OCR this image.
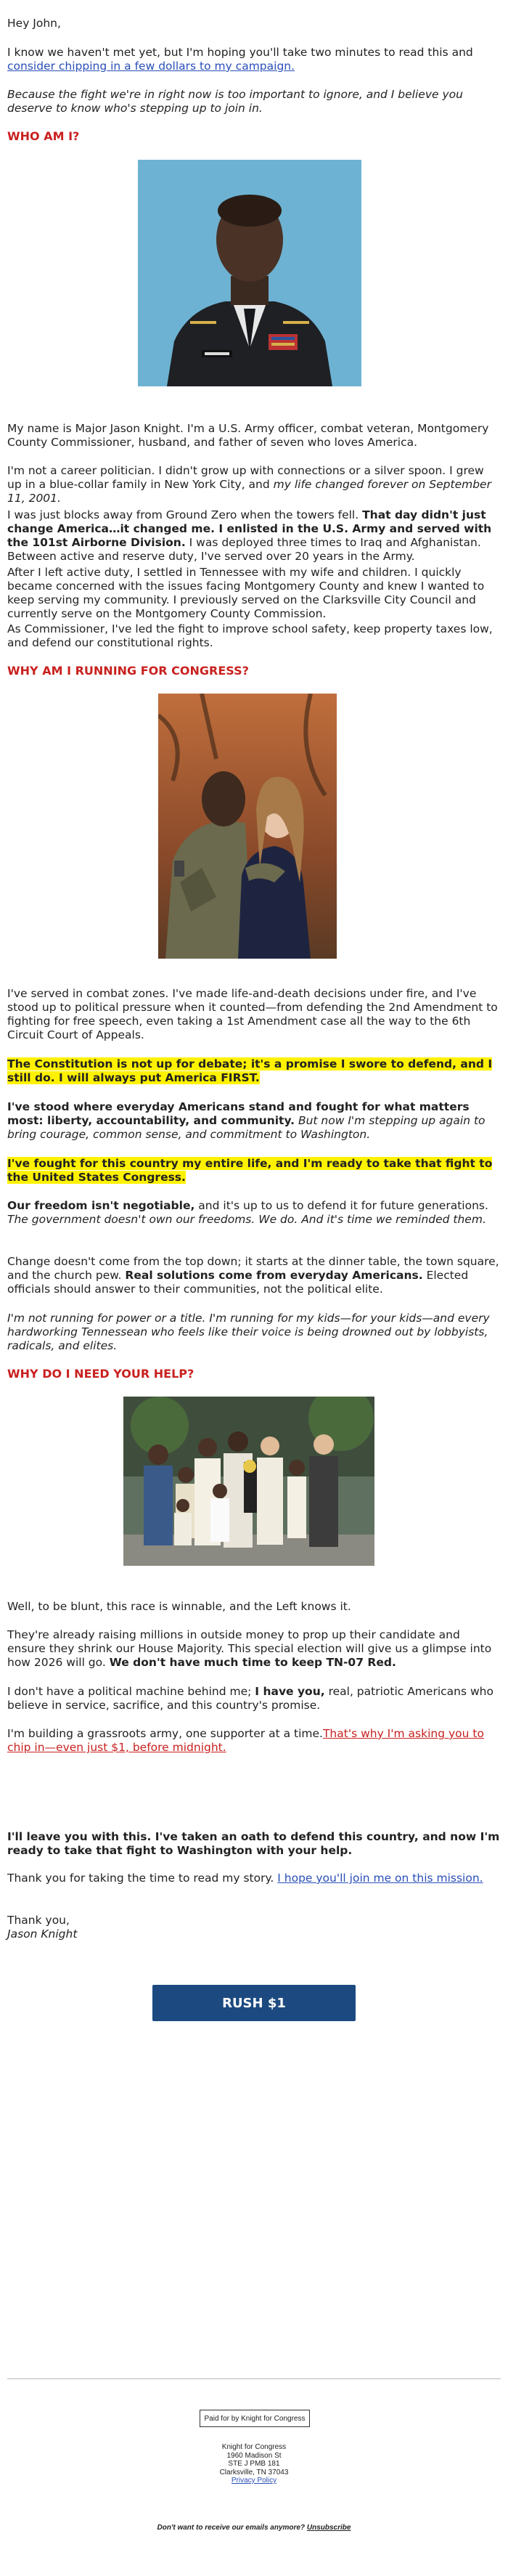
Hey John,

I know we haven't met yet, but I'm hoping you'll take two minutes to read this and consider chipping in a few dollars to my campaign.

Because the fight we're in right now is too important to ignore, and I believe you deserve to know who's stepping up to join in.

WHO AM I?

My name is Major Jason Knight. I'm a U.S. Army officer, combat veteran, Montgomery County Commissioner, husband, and father of seven who loves America.

I'm not a career politician. I didn't grow up with connections or a silver spoon. I grew up in a blue-collar family in New York City, and my life changed forever on September 11, 2001.

I was just blocks away from Ground Zero when the towers fell. That day didn't just change America…it changed me. I enlisted in the U.S. Army and served with the 101st Airborne Division. I was deployed three times to Iraq and Afghanistan. Between active and reserve duty, I've served over 20 years in the Army.

After I left active duty, I settled in Tennessee with my wife and children. I quickly became concerned with the issues facing Montgomery County and knew I wanted to keep serving my community. I previously served on the Clarksville City Council and currently serve on the Montgomery County Commission.

As Commissioner, I've led the fight to improve school safety, keep property taxes low, and defend our constitutional rights.

WHY AM I RUNNING FOR CONGRESS?

I've served in combat zones. I've made life-and-death decisions under fire, and I've stood up to political pressure when it counted—from defending the 2nd Amendment to fighting for free speech, even taking a 1st Amendment case all the way to the 6th Circuit Court of Appeals.

The Constitution is not up for debate; it's a promise I swore to defend, and I still do. I will always put America FIRST.

I've stood where everyday Americans stand and fought for what matters most: liberty, accountability, and community. But now I'm stepping up again to bring courage, common sense, and commitment to Washington.

I've fought for this country my entire life, and I'm ready to take that fight to the United States Congress.

Our freedom isn't negotiable, and it's up to us to defend it for future generations. The government doesn't own our freedoms. We do. And it's time we reminded them.

Change doesn't come from the top down; it starts at the dinner table, the town square, and the church pew. Real solutions come from everyday Americans. Elected officials should answer to their communities, not the political elite.

I'm not running for power or a title. I'm running for my kids—for your kids—and every hardworking Tennessean who feels like their voice is being drowned out by lobbyists, radicals, and elites.

WHY DO I NEED YOUR HELP?

Well, to be blunt, this race is winnable, and the Left knows it.

They're already raising millions in outside money to prop up their candidate and ensure they shrink our House Majority. This special election will give us a glimpse into how 2026 will go. We don't have much time to keep TN-07 Red.

I don't have a political machine behind me; I have you, real, patriotic Americans who believe in service, sacrifice, and this country's promise.

I'm building a grassroots army, one supporter at a time.That's why I'm asking you to chip in—even just $1, before midnight.

RUSH $1

I'll leave you with this. I've taken an oath to defend this country, and now I'm ready to take that fight to Washington with your help.

Thank you for taking the time to read my story. I hope you'll join me on this mission.

Thank you,

Jason Knight

Paid for by Knight for Congress
Knight for Congress
1960 Madison St
STE J PMB 181
Clarksville, TN 37043
Privacy Policy
Don't want to receive our emails anymore? Unsubscribe
